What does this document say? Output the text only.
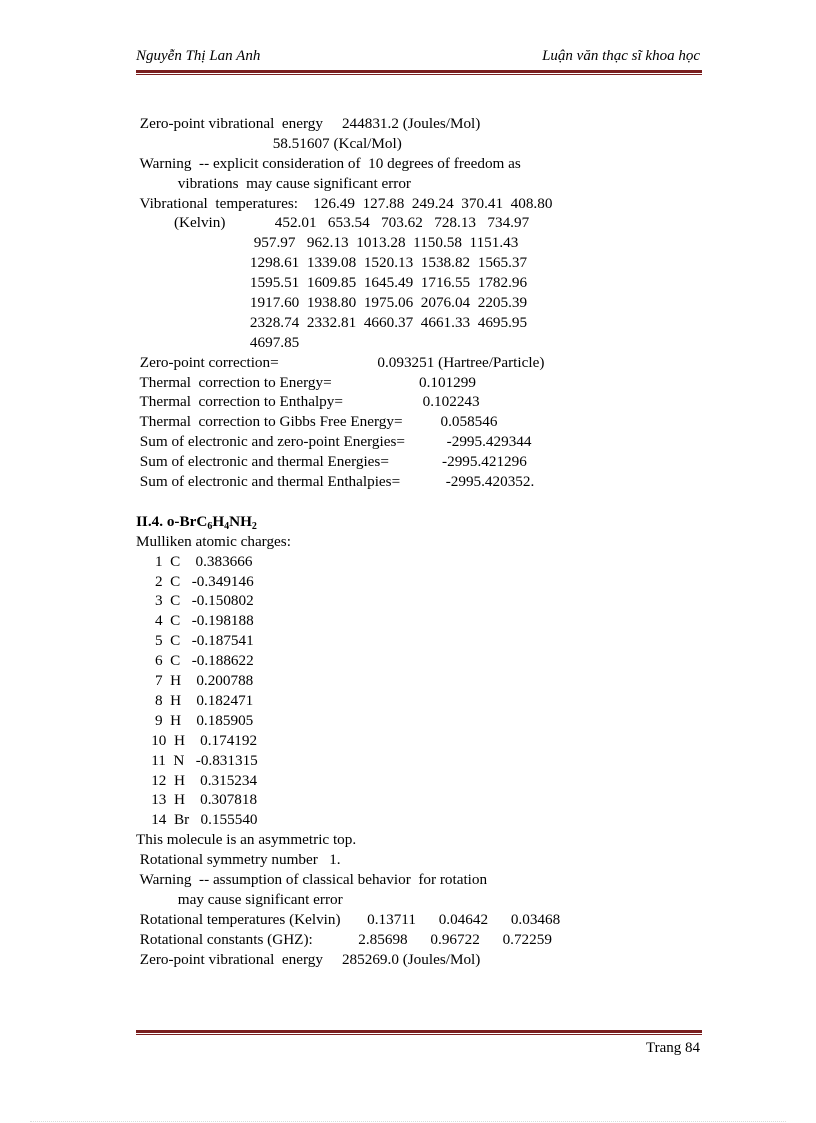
Nguyễn Thị Lan Anh	Luận văn thạc sĩ khoa học
Zero-point vibrational  energy     244831.2 (Joules/Mol)
58.51607 (Kcal/Mol)
Warning  -- explicit consideration of  10 degrees of freedom as
vibrations  may cause significant error
Vibrational  temperatures:    126.49  127.88  249.24  370.41  408.80
(Kelvin)             452.01   653.54   703.62   728.13   734.97
957.97   962.13  1013.28  1150.58  1151.43
1298.61  1339.08  1520.13  1538.82  1565.37
1595.51  1609.85  1645.49  1716.55  1782.96
1917.60  1938.80  1975.06  2076.04  2205.39
2328.74  2332.81  4660.37  4661.33  4695.95
4697.85
Zero-point correction=                          0.093251 (Hartree/Particle)
Thermal  correction to Energy=                       0.101299
Thermal  correction to Enthalpy=                     0.102243
Thermal  correction to Gibbs Free Energy=          0.058546
Sum of electronic and zero-point Energies=           -2995.429344
Sum of electronic and thermal Energies=              -2995.421296
Sum of electronic and thermal Enthalpies=            -2995.420352.
II.4. $o-BrC_6H_4NH_2$
Mulliken atomic charges:
1  C    0.383666
2  C   -0.349146
3  C   -0.150802
4  C   -0.198188
5  C   -0.187541
6  C   -0.188622
7  H    0.200788
8  H    0.182471
9  H    0.185905
10  H    0.174192
11  N   -0.831315
12  H    0.315234
13  H    0.307818
14  Br   0.155540
This molecule is an asymmetric top.
Rotational symmetry number   1.
Warning  -- assumption of classical behavior  for rotation
may cause significant error
Rotational temperatures (Kelvin)       0.13711      0.04642      0.03468
Rotational constants (GHZ):            2.85698      0.96722      0.72259
Zero-point vibrational  energy     285269.0 (Joules/Mol)
Trang 84
